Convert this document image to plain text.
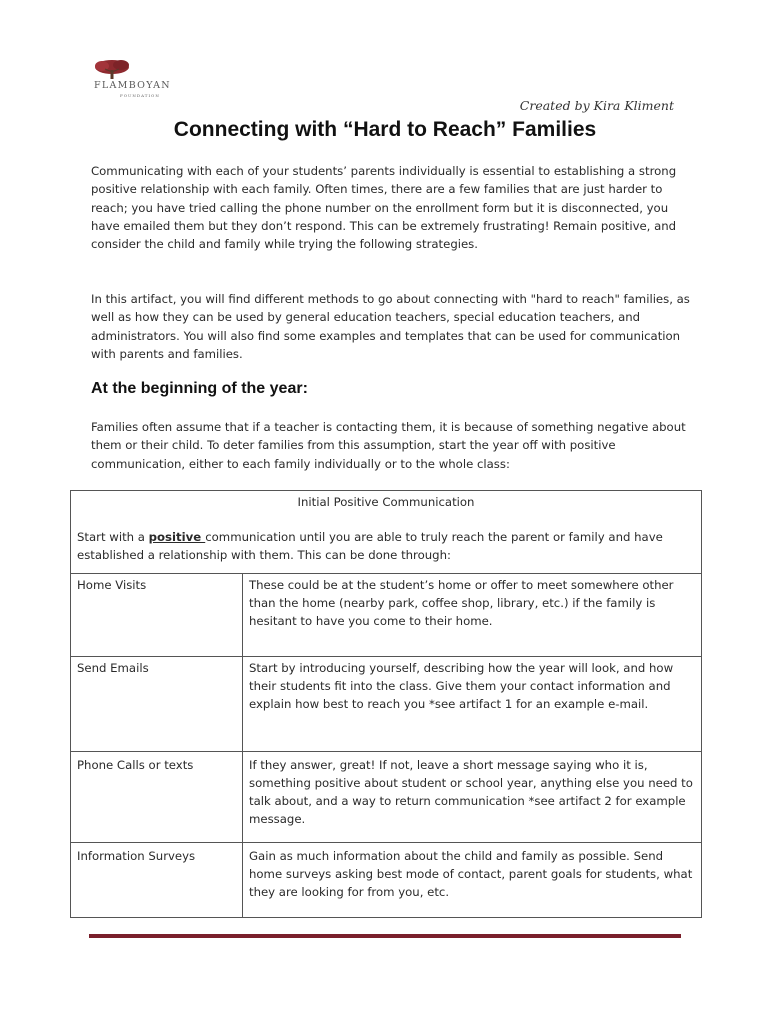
FLAMBOYAN
FOUNDATION
Created by Kira Kliment
Connecting with “Hard to Reach” Families

Communicating with each of your students’ parents individually is essential to establishing a strong positive relationship with each family. Often times, there are a few families that are just harder to reach; you have tried calling the phone number on the enrollment form but it is disconnected, you have emailed them but they don’t respond. This can be extremely frustrating! Remain positive, and consider the child and family while trying the following strategies.

In this artifact, you will find different methods to go about connecting with "hard to reach" families, as well as how they can be used by general education teachers, special education teachers, and administrators. You will also find some examples and templates that can be used for communication with parents and families.

At the beginning of the year:

Families often assume that if a teacher is contacting them, it is because of something negative about them or their child. To deter families from this assumption, start the year off with positive communication, either to each family individually or to the whole class:

Initial Positive Communication
Start with a positive communication until you are able to truly reach the parent or family and have established a relationship with them. This can be done through:	

Home Visits	These could be at the student’s home or offer to meet somewhere other than the home (nearby park, coffee shop, library, etc.) if the family is hesitant to have you come to their home.
Send Emails	Start by introducing yourself, describing how the year will look, and how their students fit into the class. Give them your contact information and explain how best to reach you *see artifact 1 for an example e-mail.
Phone Calls or texts	If they answer, great! If not, leave a short message saying who it is, something positive about student or school year, anything else you need to talk about, and a way to return communication *see artifact 2 for example message.
Information Surveys	Gain as much information about the child and family as possible. Send home surveys asking best mode of contact, parent goals for students, what they are looking for from you, etc.
